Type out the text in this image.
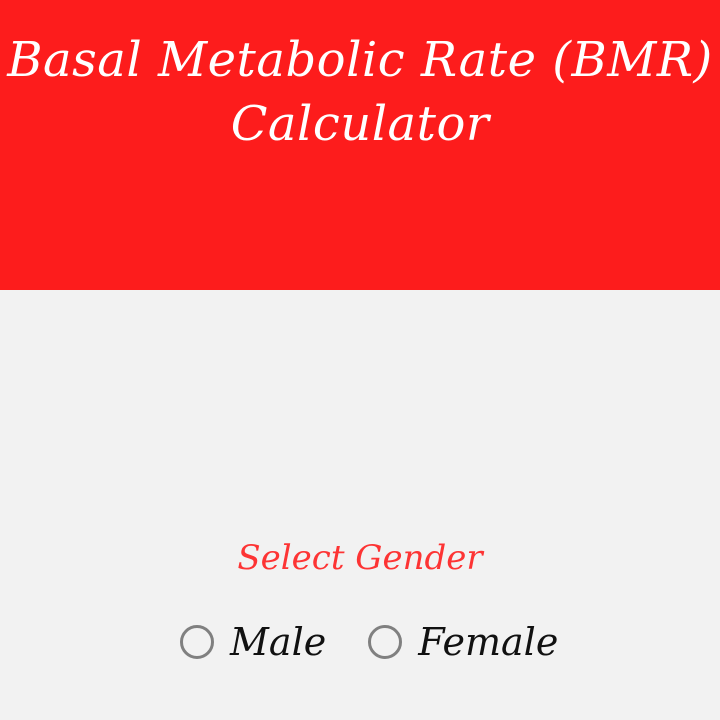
Basal Metabolic Rate (BMR)
Calculator
Select Gender
Male Female
